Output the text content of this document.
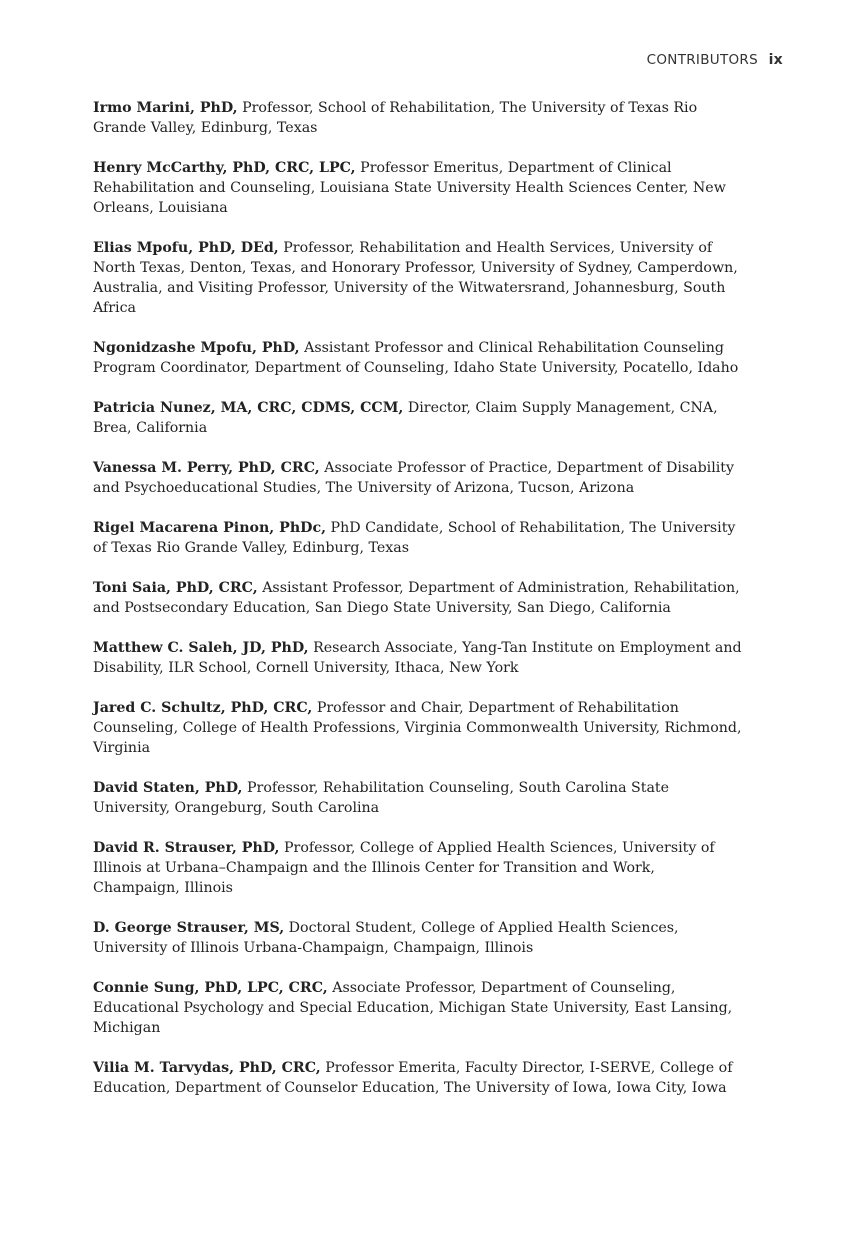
CONTRIBUTORS ix
Irmo Marini, PhD, Professor, School of Rehabilitation, The University of Texas Rio Grande Valley, Edinburg, Texas
Henry McCarthy, PhD, CRC, LPC, Professor Emeritus, Department of Clinical Rehabilitation and Counseling, Louisiana State University Health Sciences Center, New Orleans, Louisiana
Elias Mpofu, PhD, DEd, Professor, Rehabilitation and Health Services, University of North Texas, Denton, Texas, and Honorary Professor, University of Sydney, Camperdown, Australia, and Visiting Professor, University of the Witwatersrand, Johannesburg, South Africa
Ngonidzashe Mpofu, PhD, Assistant Professor and Clinical Rehabilitation Counseling Program Coordinator, Department of Counseling, Idaho State University, Pocatello, Idaho
Patricia Nunez, MA, CRC, CDMS, CCM, Director, Claim Supply Management, CNA, Brea, California
Vanessa M. Perry, PhD, CRC, Associate Professor of Practice, Department of Disability and Psychoeducational Studies, The University of Arizona, Tucson, Arizona
Rigel Macarena Pinon, PhDc, PhD Candidate, School of Rehabilitation, The University of Texas Rio Grande Valley, Edinburg, Texas
Toni Saia, PhD, CRC, Assistant Professor, Department of Administration, Rehabilitation, and Postsecondary Education, San Diego State University, San Diego, California
Matthew C. Saleh, JD, PhD, Research Associate, Yang-Tan Institute on Employment and Disability, ILR School, Cornell University, Ithaca, New York
Jared C. Schultz, PhD, CRC, Professor and Chair, Department of Rehabilitation Counseling, College of Health Professions, Virginia Commonwealth University, Richmond, Virginia
David Staten, PhD, Professor, Rehabilitation Counseling, South Carolina State University, Orangeburg, South Carolina
David R. Strauser, PhD, Professor, College of Applied Health Sciences, University of Illinois at Urbana–Champaign and the Illinois Center for Transition and Work, Champaign, Illinois
D. George Strauser, MS, Doctoral Student, College of Applied Health Sciences, University of Illinois Urbana-Champaign, Champaign, Illinois
Connie Sung, PhD, LPC, CRC, Associate Professor, Department of Counseling, Educational Psychology and Special Education, Michigan State University, East Lansing, Michigan
Vilia M. Tarvydas, PhD, CRC, Professor Emerita, Faculty Director, I-SERVE, College of Education, Department of Counselor Education, The University of Iowa, Iowa City, Iowa
